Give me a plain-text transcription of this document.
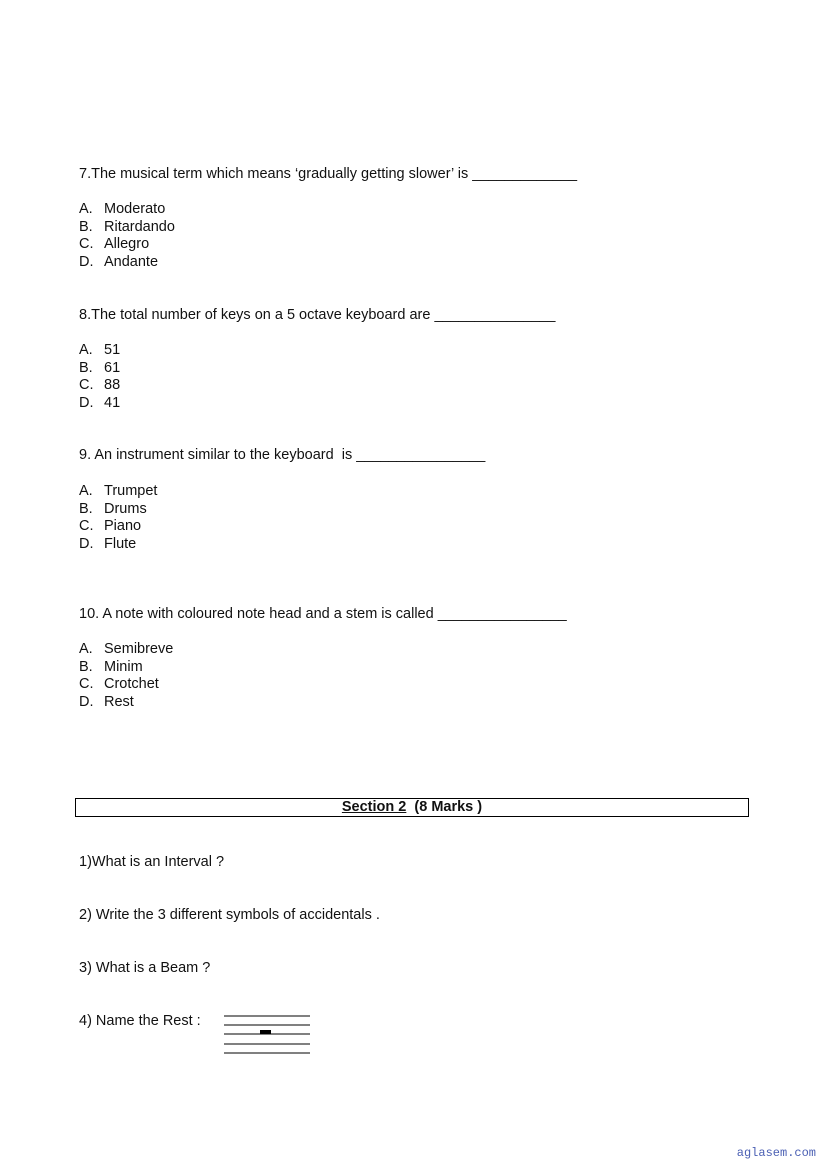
7.The musical term which means ‘gradually getting slower’ is _____________
A. Moderato
B. Ritardando
C. Allegro
D. Andante
8.The total number of keys on a 5 octave keyboard are _______________
A. 51
B. 61
C. 88
D. 41
9. An instrument similar to the keyboard  is ________________
A. Trumpet
B. Drums
C. Piano
D. Flute
10. A note with coloured note head and a stem is called ________________
A. Semibreve
B. Minim
C. Crotchet
D. Rest
Section 2 (8 Marks )
1)What is an Interval ?
2) Write the 3 different symbols of accidentals .
3) What is a Beam ?
4) Name the Rest :
aglasem.com
